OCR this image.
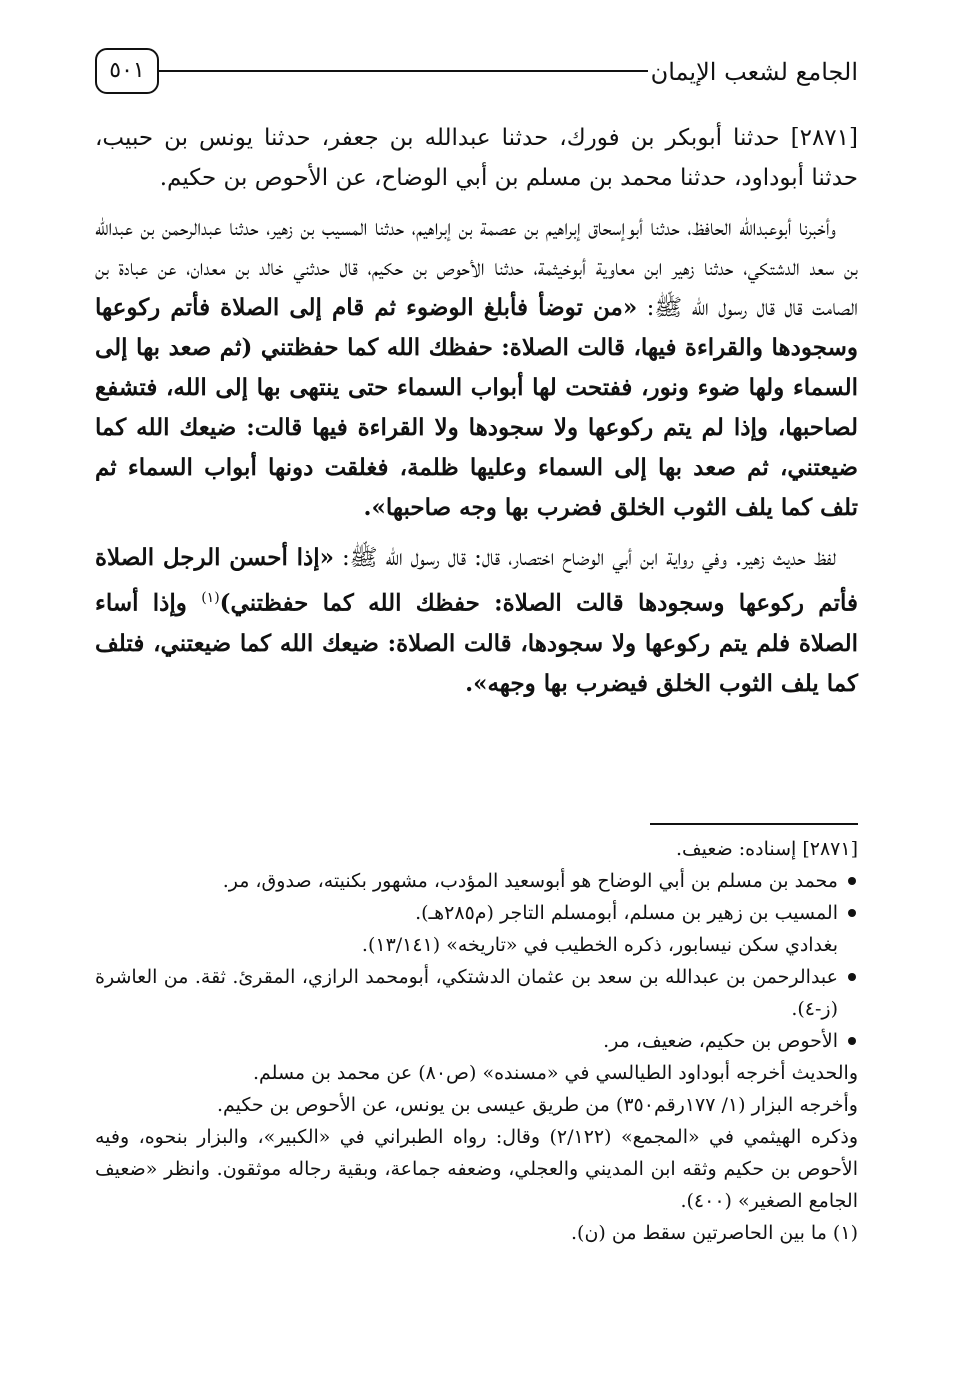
الجامع لشعب الإيمان
٥٠١

[٢٨٧١] حدثنا أبوبكر بن فورك، حدثنا عبدالله بن جعفر، حدثنا يونس بن حبيب، حدثنا أبوداود، حدثنا محمد بن مسلم بن أبي الوضاح، عن الأحوص بن حكيم.

وأخبرنا أبوعبدالله الحافظ، حدثنا أبوإسحاق إبراهيم بن عصمة بن إبراهيم، حدثنا المسيب بن زهير، حدثنا عبدالرحمن بن عبدالله بن سعد الدشتكي، حدثنا زهير ابن معاوية أبوخيثمة، حدثنا الأحوص بن حكيم، قال حدثني خالد بن معدان، عن عبادة بن الصامت قال قال رسول الله ﷺ: «من توضأ فأبلغ الوضوء ثم قام إلى الصلاة فأتم ركوعها وسجودها والقراءة فيها، قالت الصلاة: حفظك الله كما حفظتني (ثم صعد بها إلى السماء ولها ضوء ونور، ففتحت لها أبواب السماء حتى ينتهى بها إلى الله، فتشفع لصاحبها، وإذا لم يتم ركوعها ولا سجودها ولا القراءة فيها قالت: ضيعك الله كما ضيعتني، ثم صعد بها إلى السماء وعليها ظلمة، فغلقت دونها أبواب السماء ثم تلف كما يلف الثوب الخلق فضرب بها وجه صاحبها».

لفظ حديث زهير. وفي رواية ابن أبي الوضاح اختصار، قال: قال رسول الله ﷺ: «إذا أحسن الرجل الصلاة فأتم ركوعها وسجودها قالت الصلاة: حفظك الله كما حفظتني)$^{(١)}$ وإذا أساء الصلاة فلم يتم ركوعها ولا سجودها، قالت الصلاة: ضيعك الله كما ضيعتني، فتلف كما يلف الثوب الخلق فيضرب بها وجهه».

[٢٨٧١] إسناده: ضعيف.

محمد بن مسلم بن أبي الوضاح هو أبوسعيد المؤدب، مشهور بكنيته، صدوق، مر.
المسيب بن زهير بن مسلم، أبومسلم التاجر (م٢٨٥هـ).

بغدادي سكن نيسابور، ذكره الخطيب في «تاريخه» (١٣/١٤١).

عبدالرحمن بن عبدالله بن سعد بن عثمان الدشتكي، أبومحمد الرازي، المقرئ. ثقة. من العاشرة (ز-٤).
الأحوص بن حكيم، ضعيف، مر.

والحديث أخرجه أبوداود الطيالسي في «مسنده» (ص٨٠) عن محمد بن مسلم.

وأخرجه البزار (١/ ١٧٧رقم٣٥٠) من طريق عيسى بن يونس، عن الأحوص بن حكيم.

وذكره الهيثمي في «المجمع» (٢/١٢٢) وقال: رواه الطبراني في «الكبير»، والبزار بنحوه، وفيه الأحوص بن حكيم وثقه ابن المديني والعجلي، وضعفه جماعة، وبقية رجاله موثقون. وانظر «ضعيف الجامع الصغير» (٤٠٠).

(١) ما بين الحاصرتين سقط من (ن).
